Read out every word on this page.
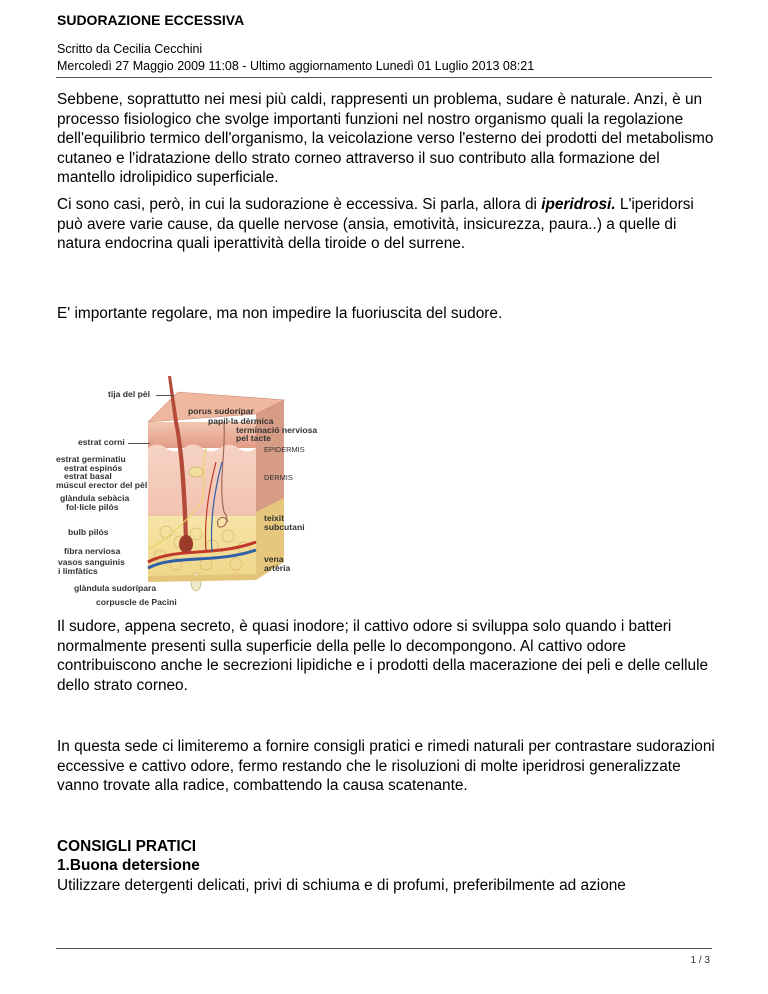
SUDORAZIONE ECCESSIVA
Scritto da Cecilia Cecchini
Mercoledì 27 Maggio 2009 11:08 - Ultimo aggiornamento Lunedì 01 Luglio 2013 08:21

Sebbene, soprattutto nei mesi più caldi, rappresenti un problema, sudare è naturale. Anzi, è un processo fisiologico che svolge importanti funzioni nel nostro organismo quali la regolazione dell'equilibrio termico dell'organismo, la veicolazione verso l'esterno dei prodotti del metabolismo cutaneo e l'idratazione dello strato corneo attraverso il suo contributo alla formazione del mantello idrolipidico superficiale.

Ci sono casi, però, in cui la sudorazione è eccessiva. Si parla, allora di iperidrosi. L'iperidorsi può avere varie cause, da quelle nervose (ansia, emotività, insicurezza, paura..) a quelle di natura endocrina quali iperattività della tiroide o del surrene.

E' importante regolare, ma non impedire la fuoriuscita del sudore.

tija del pèl
porus sudorípar
papil·la dèrmica
terminació nerviosa
pel tacte
estrat corni
EPIDERMIS
estrat germinatiu
estrat espinós
estrat basal
múscul erector del pèl
DERMIS
glàndula sebàcia
fol·licle pilós
teixit
subcutani
bulb pilós
fibra nerviosa
vasos sanguinis
i limfàtics
vena
artèria
glàndula sudorípara
corpuscle de Pacini

Il sudore, appena secreto, è quasi inodore; il cattivo odore si sviluppa solo quando i batteri normalmente presenti sulla superficie della pelle lo decompongono. Al cattivo odore contribuiscono anche le secrezioni lipidiche e i prodotti della macerazione dei peli e delle cellule dello strato corneo.

In questa sede ci limiteremo a fornire consigli pratici e rimedi naturali per contrastare sudorazioni eccessive e cattivo odore, fermo restando che le risoluzioni di molte iperidrosi generalizzate vanno trovate alla radice, combattendo la causa scatenante.

CONSIGLI PRATICI
1.Buona detersione

Utilizzare detergenti delicati, privi di schiuma e di profumi, preferibilmente ad azione

1 / 3
